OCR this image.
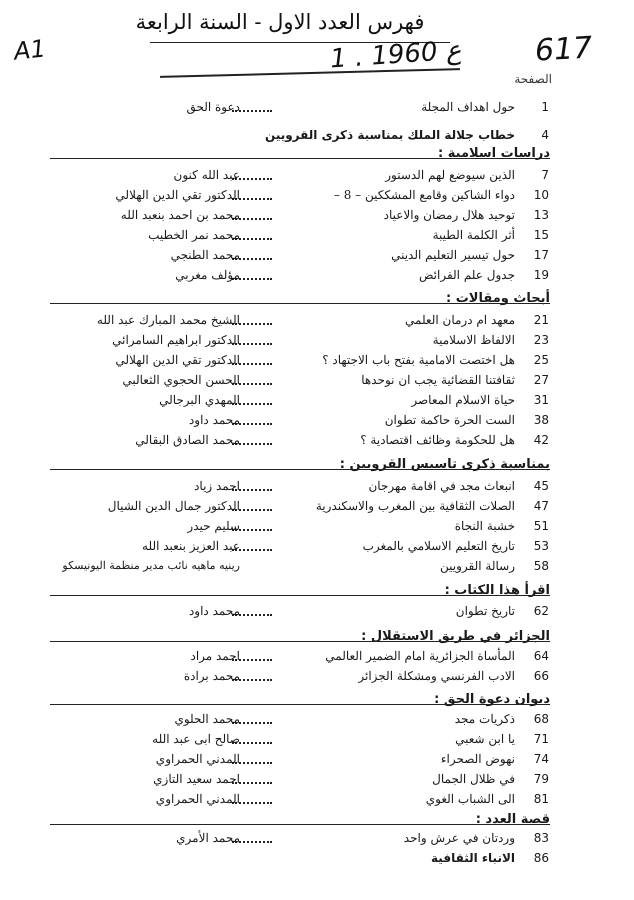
فهرس العدد الاول - السنة الرابعة
A1	1 . ع 1960 617
الصفحة
1
حول اهداف المجلة
دعوة الحق
4
خطاب جلالة الملك بمناسبة ذكرى القرويين
دراسات اسلامية :
7
الذين سيوضع لهم الدستور
عبد الله كنون
10
دواء الشاكين وقامع المشككين – 8 –
الدكتور تقي الدين الهلالي
13
توحيد هلال رمضان والاعياد
محمد بن احمد بنعبد الله
15
أثر الكلمة الطيبة
محمد نمر الخطيب
17
حول تيسير التعليم الديني
محمد الطنجي
19
جدول علم الفرائض
مؤلف مغربي
أبحاث ومقالات :
21
معهد ام درمان العلمي
الشيخ محمد المبارك عبد الله
23
الالفاظ الاسلامية
الدكتور ابراهيم السامرائي
25
هل اختصت الامامية بفتح باب الاجتهاد ؟
الدكتور تقي الدين الهلالي
27
ثقافتنا القضائية يجب ان نوحدها
الحسن الحجوي الثعالبي
31
حياة الاسلام المعاصر
المهدي البرجالي
38
الست الحرة حاكمة تطوان
محمد داود
42
هل للحكومة وظائف اقتصادية ؟
محمد الصادق البقالي
بمناسبة ذكرى تاسيس القرويين :
45
انبعاث مجد في اقامة مهرجان
احمد زياد
47
الصلات الثقافية بين المغرب والاسكندرية
الدكتور جمال الدين الشيال
51
خشبة النجاة
سليم حيدر
53
تاريخ التعليم الاسلامي بالمغرب
عبد العزيز بنعبد الله
58
رسالة القرويين
رينيه ماهيه نائب مدير منظمة اليونيسكو
اقرأ هذا الكتاب :
62
تاريخ تطوان
محمد داود
الجزائر في طريق الاستقلال :
64
المأساة الجزائرية امام الضمير العالمي
احمد مراد
66
الادب الفرنسي ومشكلة الجزائر
محمد برادة
ديوان دعوة الحق :
68
ذكريات مجد
محمد الحلوي
71
يا ابن شعبي
صالح ابى عبد الله
74
نهوض الصحراء
المدني الحمراوي
79
في ظلال الجمال
احمد سعيد التازي
81
الى الشباب الغوي
المدني الحمراوي
قصة العدد :
83
وردتان في عرش واحد
محمد الأمري
86
الانباء الثقافية
